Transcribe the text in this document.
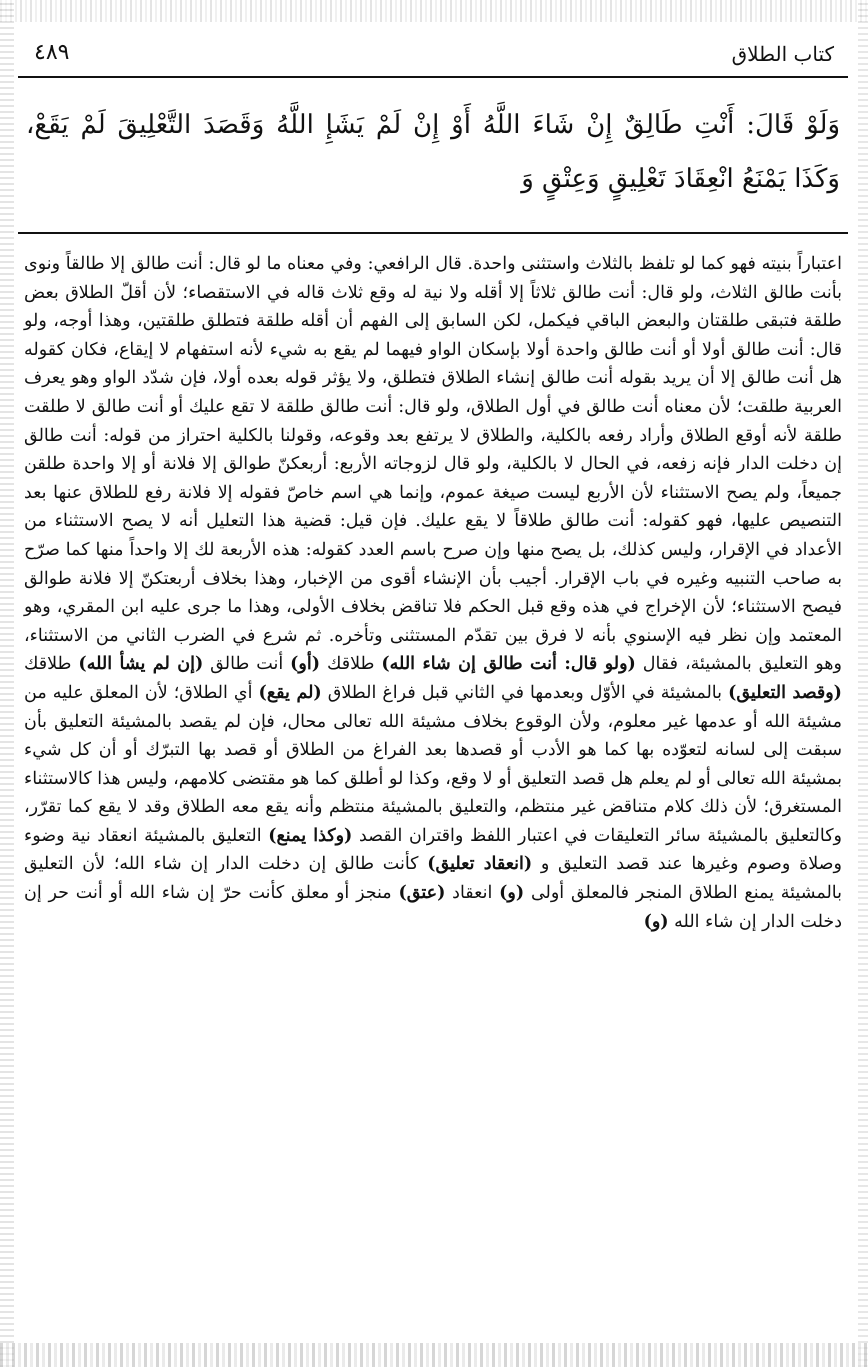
كتاب الطلاق
٤٨٩

وَلَوْ قَالَ: أَنْتِ طَالِقٌ إِنْ شَاءَ اللَّهُ أَوْ إِنْ لَمْ يَشَإِ اللَّهُ وَقَصَدَ التَّعْلِيقَ لَمْ يَقَعْ، وَكَذَا يَمْنَعُ انْعِقَادَ تَعْلِيقٍ وَعِتْقٍ وَ

اعتباراً بنيته فهو كما لو تلفظ بالثلاث واستثنى واحدة. قال الرافعي: وفي معناه ما لو قال: أنت طالق إلا طالقاً ونوى بأنت طالق الثلاث، ولو قال: أنت طالق ثلاثاً إلا أقله ولا نية له وقع ثلاث قاله في الاستقصاء؛ لأن أقلّ الطلاق بعض طلقة فتبقى طلقتان والبعض الباقي فيكمل، لكن السابق إلى الفهم أن أقله طلقة فتطلق طلقتين، وهذا أوجه، ولو قال: أنت طالق أولا أو أنت طالق واحدة أولا بإسكان الواو فيهما لم يقع به شيء لأنه استفهام لا إيقاع، فكان كقوله هل أنت طالق إلا أن يريد بقوله أنت طالق إنشاء الطلاق فتطلق، ولا يؤثر قوله بعده أولا، فإن شدّد الواو وهو يعرف العربية طلقت؛ لأن معناه أنت طالق في أول الطلاق، ولو قال: أنت طالق طلقة لا تقع عليك أو أنت طالق لا طلقت طلقة لأنه أوقع الطلاق وأراد رفعه بالكلية، والطلاق لا يرتفع بعد وقوعه، وقولنا بالكلية احتراز من قوله: أنت طالق إن دخلت الدار فإنه زفعه، في الحال لا بالكلية، ولو قال لزوجاته الأربع: أربعكنّ طوالق إلا فلانة أو إلا واحدة طلقن جميعاً، ولم يصح الاستثناء لأن الأربع ليست صيغة عموم، وإنما هي اسم خاصّ فقوله إلا فلانة رفع للطلاق عنها بعد التنصيص عليها، فهو كقوله: أنت طالق طلاقاً لا يقع عليك. فإن قيل: قضية هذا التعليل أنه لا يصح الاستثناء من الأعداد في الإقرار، وليس كذلك، بل يصح منها وإن صرح باسم العدد كقوله: هذه الأربعة لك إلا واحداً منها كما صرّح به صاحب التنبيه وغيره في باب الإقرار. أجيب بأن الإنشاء أقوى من الإخبار، وهذا بخلاف أربعتكنّ إلا فلانة طوالق فيصح الاستثناء؛ لأن الإخراج في هذه وقع قبل الحكم فلا تناقض بخلاف الأولى، وهذا ما جرى عليه ابن المقري، وهو المعتمد وإن نظر فيه الإسنوي بأنه لا فرق بين تقدّم المستثنى وتأخره. ثم شرع في الضرب الثاني من الاستثناء، وهو التعليق بالمشيئة، فقال (ولو قال: أنت طالق إن شاء الله) طلاقك (أو) أنت طالق (إن لم يشأ الله) طلاقك (وقصد التعليق) بالمشيئة في الأوّل وبعدمها في الثاني قبل فراغ الطلاق (لم يقع) أي الطلاق؛ لأن المعلق عليه من مشيئة الله أو عدمها غير معلوم، ولأن الوقوع بخلاف مشيئة الله تعالى محال، فإن لم يقصد بالمشيئة التعليق بأن سبقت إلى لسانه لتعوّده بها كما هو الأدب أو قصدها بعد الفراغ من الطلاق أو قصد بها التبرّك أو أن كل شيء بمشيئة الله تعالى أو لم يعلم هل قصد التعليق أو لا وقع، وكذا لو أطلق كما هو مقتضى كلامهم، وليس هذا كالاستثناء المستغرق؛ لأن ذلك كلام متناقض غير منتظم، والتعليق بالمشيئة منتظم وأنه يقع معه الطلاق وقد لا يقع كما تقرّر، وكالتعليق بالمشيئة سائر التعليقات في اعتبار اللفظ واقتران القصد (وكذا يمنع) التعليق بالمشيئة انعقاد نية وضوء وصلاة وصوم وغيرها عند قصد التعليق و (انعقاد تعليق) كأنت طالق إن دخلت الدار إن شاء الله؛ لأن التعليق بالمشيئة يمنع الطلاق المنجر فالمعلق أولى (و) انعقاد (عتق) منجز أو معلق كأنت حرّ إن شاء الله أو أنت حر إن دخلت الدار إن شاء الله (و)
